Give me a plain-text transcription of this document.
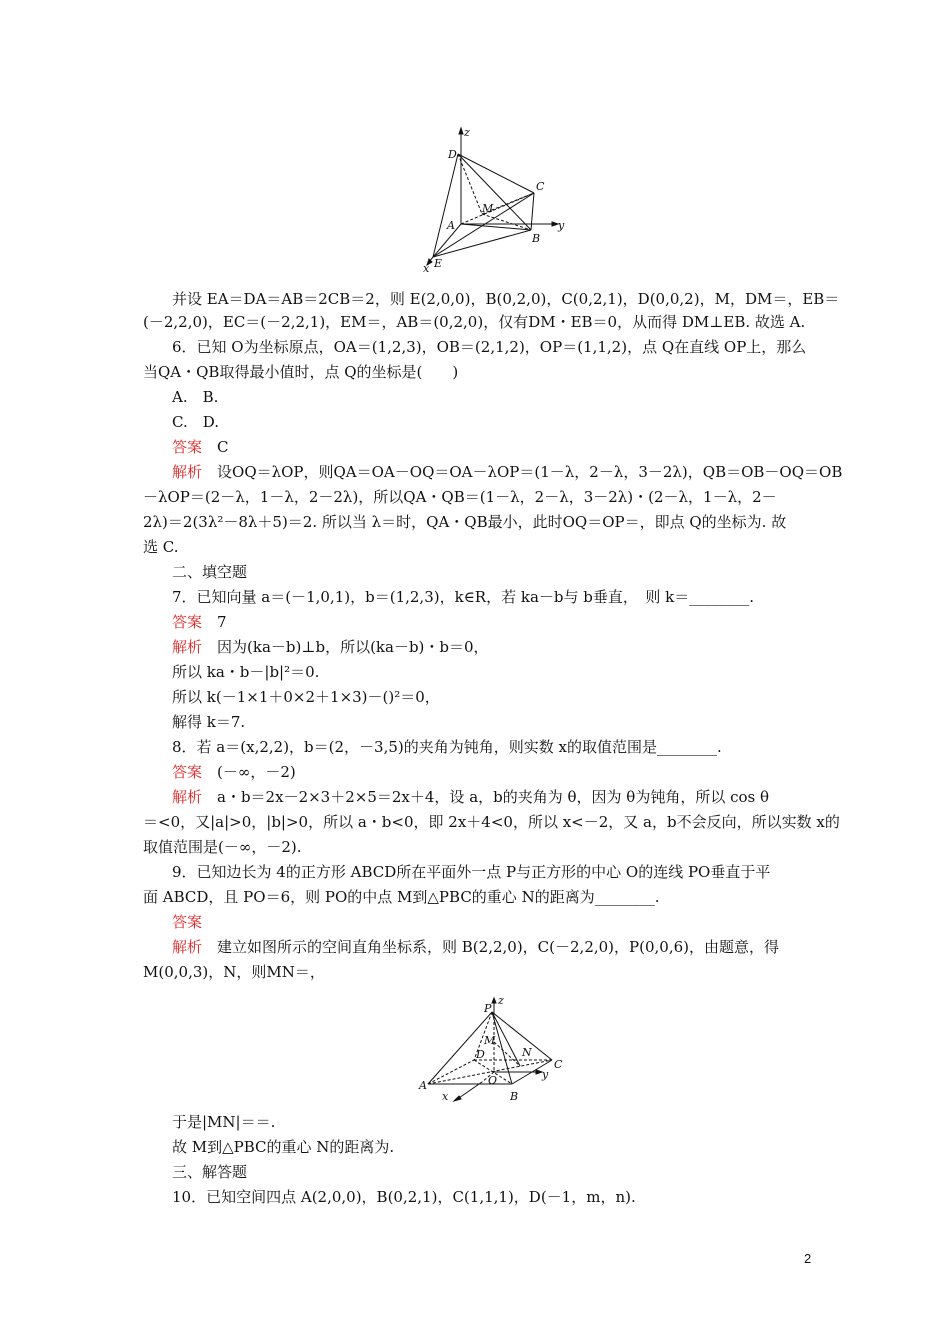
z
D
C
M
A	y
B
E
x
并设 EA＝DA＝AB＝2CB＝2，则 E(2,0,0)，B(0,2,0)，C(0,2,1)，D(0,0,2)，M，DM＝，EB＝
(－2,2,0)，EC＝(－2,2,1)，EM＝，AB＝(0,2,0)，仅有DM・EB＝0，从而得 DM⊥EB. 故选 A.
6．已知 O为坐标原点，OA＝(1,2,3)，OB＝(2,1,2)，OP＝(1,1,2)，点 Q在直线 OP上，那么
当QA・QB取得最小值时，点 Q的坐标是(　　)
A.　B.
C.　D.
答案　C
解析　设OQ＝λOP，则QA＝OA－OQ＝OA－λOP＝(1－λ，2－λ，3－2λ)，QB＝OB－OQ＝OB
－λOP＝(2－λ，1－λ，2－2λ)，所以QA・QB＝(1－λ，2－λ，3－2λ)・(2－λ，1－λ，2－
2λ)＝2(3λ²－8λ＋5)＝2. 所以当 λ＝时，QA・QB最小，此时OQ＝OP＝，即点 Q的坐标为. 故
选 C.
二、填空题
7．已知向量 a＝(－1,0,1)，b＝(1,2,3)，k∈R，若 ka－b与 b垂直，　则 k＝________.
答案　7
解析　因为(ka－b)⊥b，所以(ka－b)・b＝0，
所以 ka・b－|b|²＝0.
所以 k(－1×1＋0×2＋1×3)－()²＝0，
解得 k＝7.
8．若 a＝(x,2,2)，b＝(2，－3,5)的夹角为钝角，则实数 x的取值范围是________.
答案　(－∞，－2)
解析　a・b＝2x－2×3＋2×5＝2x＋4，设 a，b的夹角为 θ，因为 θ为钝角，所以 cos θ
＝<0，又|a|>0，|b|>0，所以 a・b<0，即 2x＋4<0，所以 x<－2，又 a，b不会反向，所以实数 x的
取值范围是(－∞，－2).
9．已知边长为 4的正方形 ABCD所在平面外一点 P与正方形的中心 O的连线 PO垂直于平
面 ABCD，且 PO＝6，则 PO的中点 M到△PBC的重心 N的距离为________.
答案
解析　建立如图所示的空间直角坐标系，则 B(2,2,0)，C(－2,2,0)，P(0,0,6)，由题意，得
M(0,0,3)，N，则MN＝，
P
z
M
D	N
C
y
O
A
x	B
于是|MN|＝＝.
故 M到△PBC的重心 N的距离为.
三、解答题
10．已知空间四点 A(2,0,0)，B(0,2,1)，C(1,1,1)，D(－1，m，n).
2
